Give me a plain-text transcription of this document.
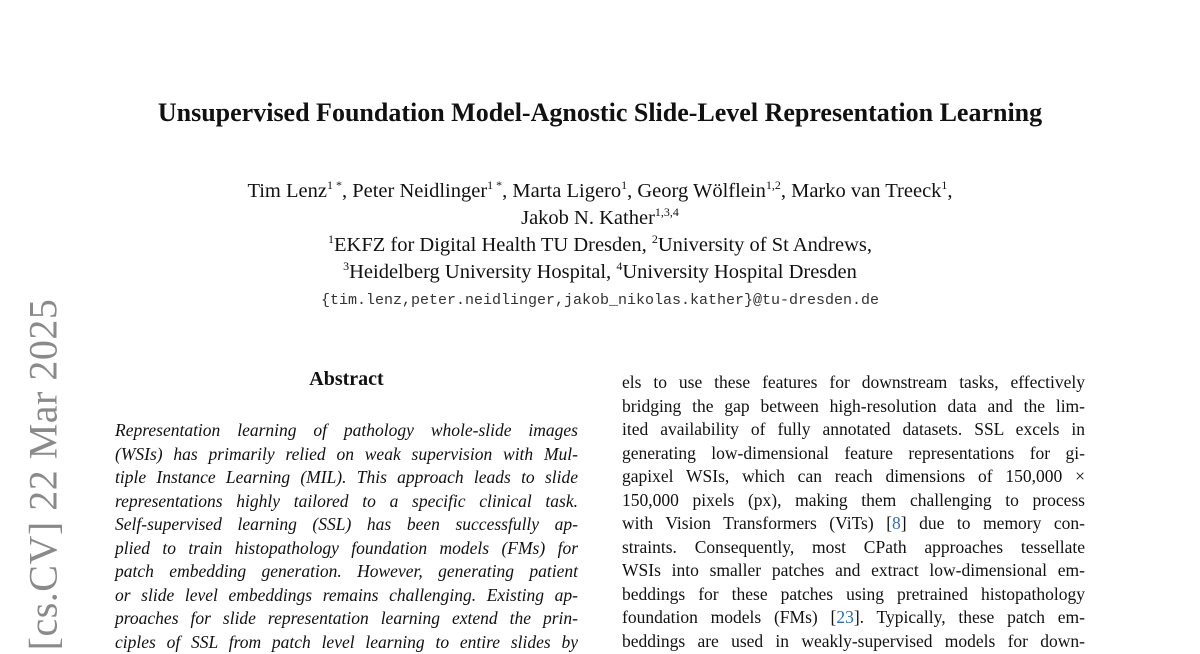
[cs.CV] 22 Mar 2025
Unsupervised Foundation Model-Agnostic Slide-Level Representation Learning
Tim Lenz$^{1 *}$, Peter Neidlinger$^{1 *}$, Marta Ligero$^1$, Georg Wölflein$^{1,2}$, Marko van Treeck$^1$,
Jakob N. Kather$^{1,3,4}$
$^1$EKFZ for Digital Health TU Dresden, $^2$University of St Andrews,
$^3$Heidelberg University Hospital, $^4$University Hospital Dresden
{tim.lenz,peter.neidlinger,jakob_nikolas.kather}@tu-dresden.de
Abstract
Representation learning of pathology whole-slide images
(WSIs) has primarily relied on weak supervision with Mul-
tiple Instance Learning (MIL). This approach leads to slide
representations highly tailored to a specific clinical task.
Self-supervised learning (SSL) has been successfully ap-
plied to train histopathology foundation models (FMs) for
patch embedding generation. However, generating patient
or slide level embeddings remains challenging. Existing ap-
proaches for slide representation learning extend the prin-
ciples of SSL from patch level learning to entire slides by
els to use these features for downstream tasks, effectively
bridging the gap between high-resolution data and the lim-
ited availability of fully annotated datasets. SSL excels in
generating low-dimensional feature representations for gi-
gapixel WSIs, which can reach dimensions of 150,000 ×
150,000 pixels (px), making them challenging to process
with Vision Transformers (ViTs) [8] due to memory con-
straints. Consequently, most CPath approaches tessellate
WSIs into smaller patches and extract low-dimensional em-
beddings for these patches using pretrained histopathology
foundation models (FMs) [23]. Typically, these patch em-
beddings are used in weakly-supervised models for down-
